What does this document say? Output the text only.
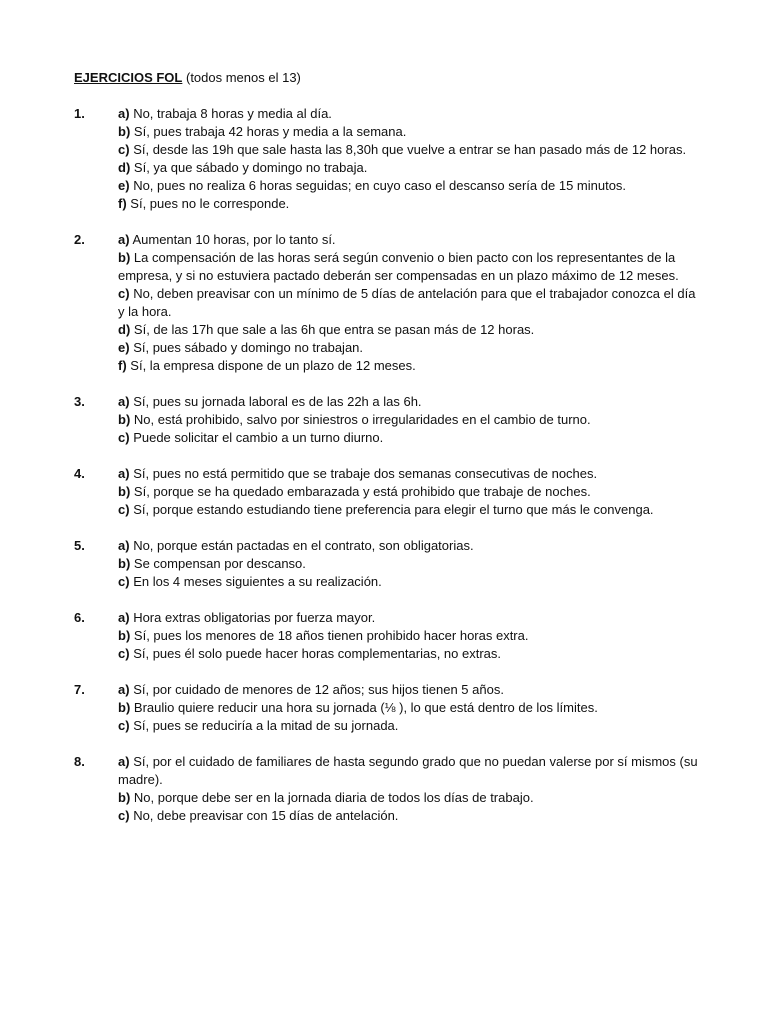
EJERCICIOS FOL (todos menos el 13)
1.	a) No, trabaja 8 horas y media al día.
b) Sí, pues trabaja 42 horas y media a la semana.
c) Sí, desde las 19h que sale hasta las 8,30h que vuelve a entrar se han pasado más de 12 horas.
d) Sí, ya que sábado y domingo no trabaja.
e) No, pues no realiza 6 horas seguidas; en cuyo caso el descanso sería de 15 minutos.
f) Sí, pues no le corresponde.
2.	a) Aumentan 10 horas, por lo tanto sí.
b) La compensación de las horas será según convenio o bien pacto con los representantes de la empresa, y si no estuviera pactado deberán ser compensadas en un plazo máximo de 12 meses.
c) No, deben preavisar con un mínimo de 5 días de antelación para que el trabajador conozca el día y la hora.
d) Sí, de las 17h que sale a las 6h que entra se pasan más de 12 horas.
e) Sí, pues sábado y domingo no trabajan.
f) Sí, la empresa dispone de un plazo de 12 meses.
3.	a) Sí, pues su jornada laboral es de las 22h a las 6h.
b) No, está prohibido, salvo por siniestros o irregularidades en el cambio de turno.
c) Puede solicitar el cambio a un turno diurno.
4.	a) Sí, pues no está permitido que se trabaje dos semanas consecutivas de noches.
b) Sí, porque se ha quedado embarazada y está prohibido que trabaje de noches.
c) Sí, porque estando estudiando tiene preferencia para elegir el turno que más le convenga.
5.	a) No, porque están pactadas en el contrato, son obligatorias.
b) Se compensan por descanso.
c) En los 4 meses siguientes a su realización.
6.	a) Hora extras obligatorias por fuerza mayor.
b) Sí, pues los menores de 18 años tienen prohibido hacer horas extra.
c) Sí, pues él solo puede hacer horas complementarias, no extras.
7.	a) Sí, por cuidado de menores de 12 años; sus hijos tienen 5 años.
b) Braulio quiere reducir una hora su jornada (⅛ ), lo que está dentro de los límites.
c) Sí, pues se reduciría a la mitad de su jornada.
8.	a) Sí, por el cuidado de familiares de hasta segundo grado que no puedan valerse por sí mismos (su madre).
b) No, porque debe ser en la jornada diaria de todos los días de trabajo.
c) No, debe preavisar con 15 días de antelación.
